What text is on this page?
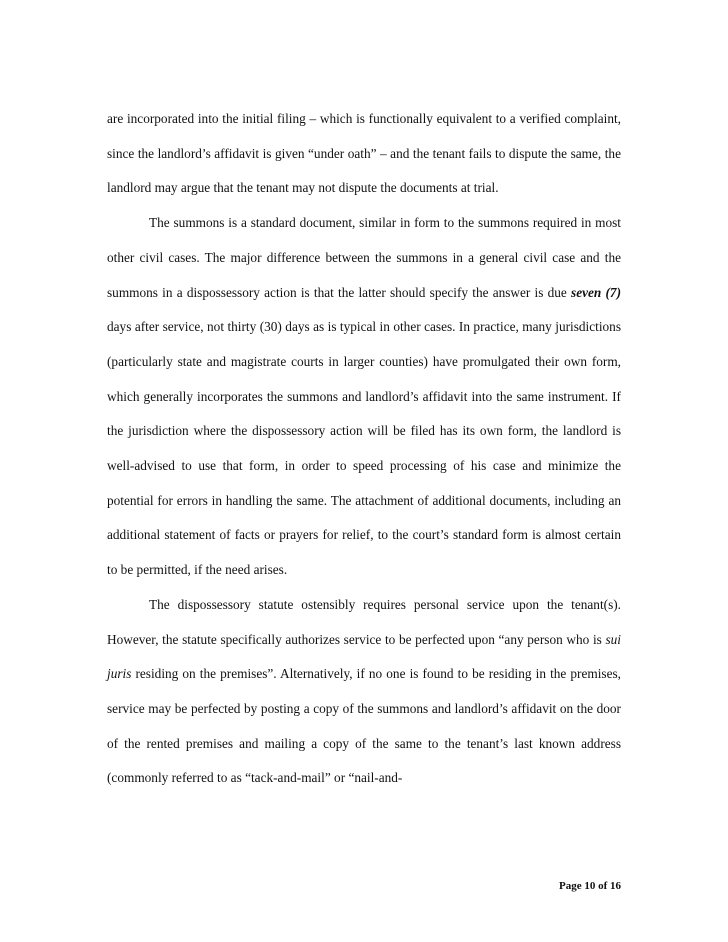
are incorporated into the initial filing – which is functionally equivalent to a verified complaint, since the landlord’s affidavit is given “under oath” – and the tenant fails to dispute the same, the landlord may argue that the tenant may not dispute the documents at trial.

The summons is a standard document, similar in form to the summons required in most other civil cases. The major difference between the summons in a general civil case and the summons in a dispossessory action is that the latter should specify the answer is due seven (7) days after service, not thirty (30) days as is typical in other cases. In practice, many jurisdictions (particularly state and magistrate courts in larger counties) have promulgated their own form, which generally incorporates the summons and landlord’s affidavit into the same instrument. If the jurisdiction where the dispossessory action will be filed has its own form, the landlord is well-advised to use that form, in order to speed processing of his case and minimize the potential for errors in handling the same. The attachment of additional documents, including an additional statement of facts or prayers for relief, to the court’s standard form is almost certain to be permitted, if the need arises.

The dispossessory statute ostensibly requires personal service upon the tenant(s). However, the statute specifically authorizes service to be perfected upon “any person who is sui juris residing on the premises”. Alternatively, if no one is found to be residing in the premises, service may be perfected by posting a copy of the summons and landlord’s affidavit on the door of the rented premises and mailing a copy of the same to the tenant’s last known address (commonly referred to as “tack-and-mail” or “nail-and-

Page 10 of 16
